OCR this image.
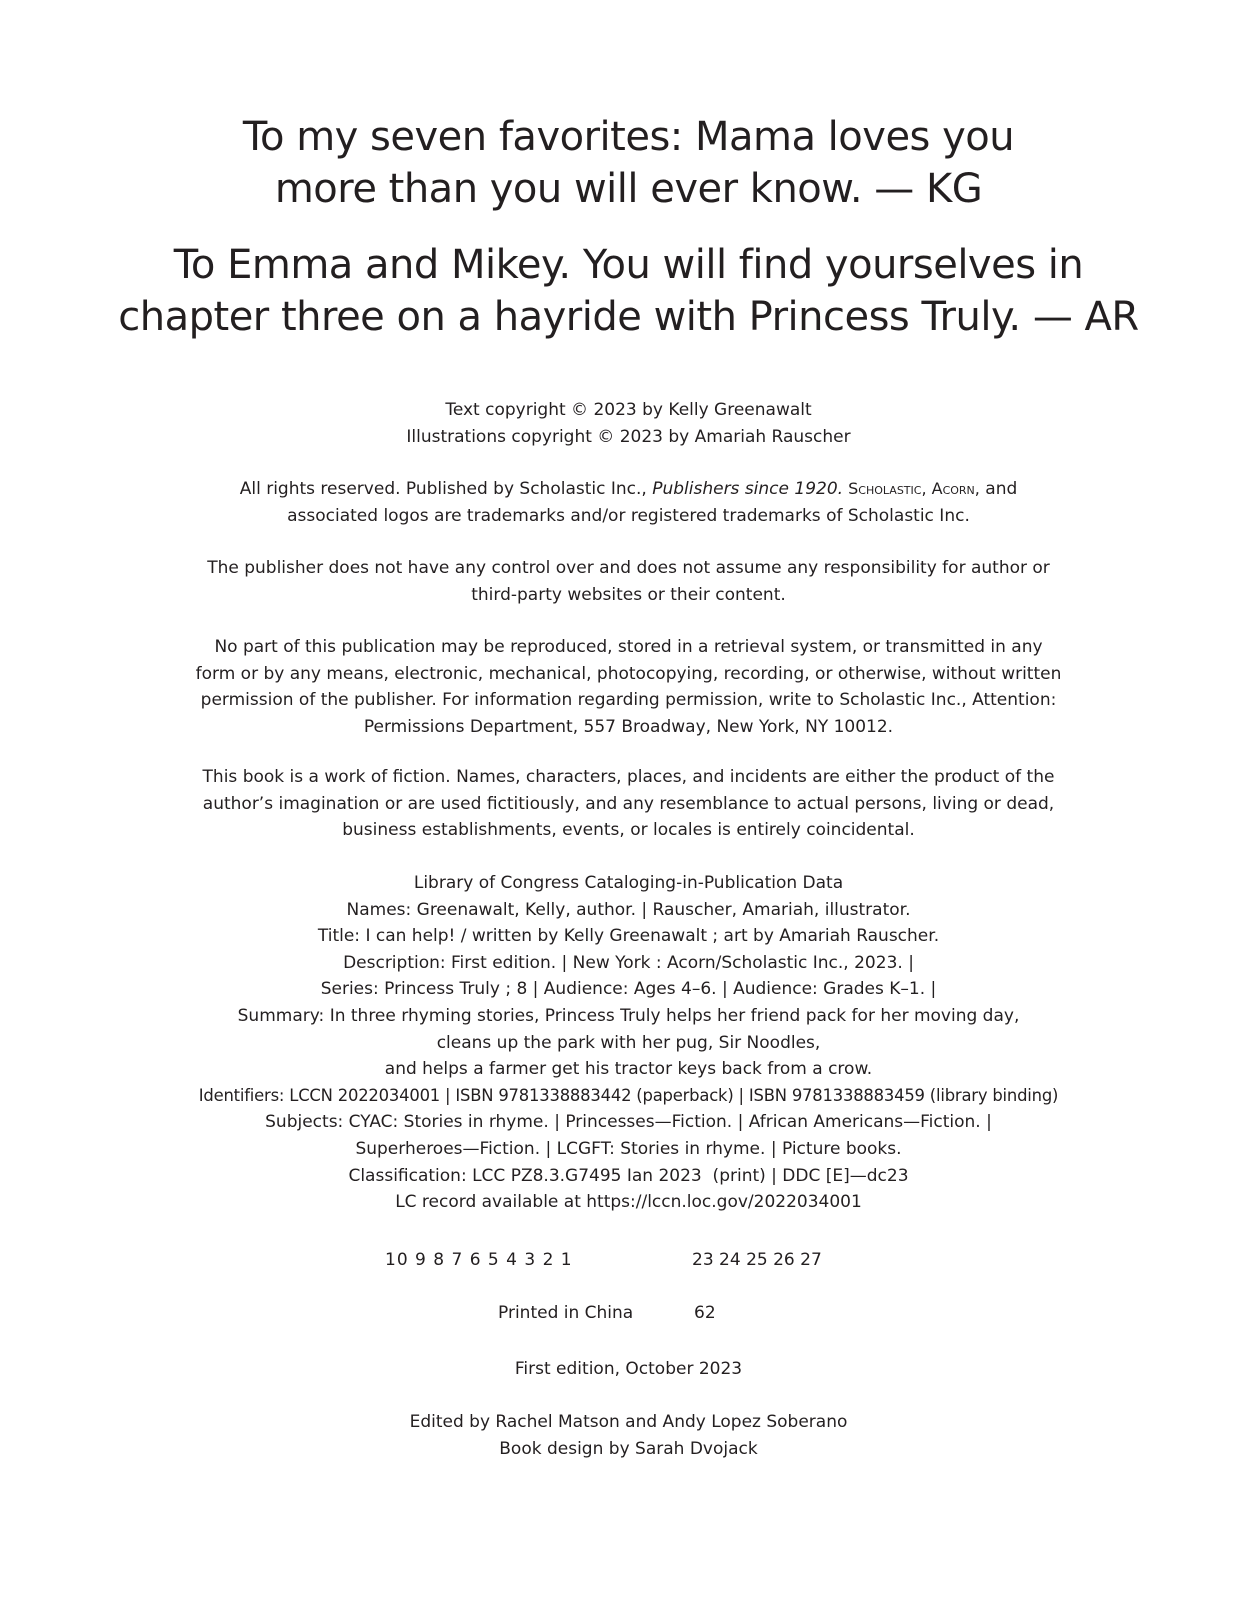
To my seven favorites: Mama loves you
more than you will ever know. — KG

To Emma and Mikey. You will find yourselves in
chapter three on a hayride with Princess Truly. — AR

Text copyright © 2023 by Kelly Greenawalt
Illustrations copyright © 2023 by Amariah Rauscher

All rights reserved. Published by Scholastic Inc., Publishers since 1920. Scholastic, Acorn, and
associated logos are trademarks and/or registered trademarks of Scholastic Inc.

The publisher does not have any control over and does not assume any responsibility for author or
third-party websites or their content.

No part of this publication may be reproduced, stored in a retrieval system, or transmitted in any
form or by any means, electronic, mechanical, photocopying, recording, or otherwise, without written
permission of the publisher. For information regarding permission, write to Scholastic Inc., Attention:
Permissions Department, 557 Broadway, New York, NY 10012.

This book is a work of fiction. Names, characters, places, and incidents are either the product of the
author’s imagination or are used fictitiously, and any resemblance to actual persons, living or dead,
business establishments, events, or locales is entirely coincidental.

Library of Congress Cataloging-in-Publication Data
Names: Greenawalt, Kelly, author. | Rauscher, Amariah, illustrator.
Title: I can help! / written by Kelly Greenawalt ; art by Amariah Rauscher.
Description: First edition. | New York : Acorn/Scholastic Inc., 2023. |
Series: Princess Truly ; 8 | Audience: Ages 4–6. | Audience: Grades K–1. |
Summary: In three rhyming stories, Princess Truly helps her friend pack for her moving day,
cleans up the park with her pug, Sir Noodles,
and helps a farmer get his tractor keys back from a crow.
Identifiers: LCCN 2022034001 | ISBN 9781338883442 (paperback) | ISBN 9781338883459 (library binding)
Subjects: CYAC: Stories in rhyme. | Princesses—Fiction. | African Americans—Fiction. |
Superheroes—Fiction. | LCGFT: Stories in rhyme. | Picture books.
Classification: LCC PZ8.3.G7495 Ian 2023  (print) | DDC [E]—dc23
LC record available at https://lccn.loc.gov/2022034001

10 9 8 7 6 5 4 3 2 1	23 24 25 26 27
Printed in China	62

First edition, October 2023

Edited by Rachel Matson and Andy Lopez Soberano
Book design by Sarah Dvojack
